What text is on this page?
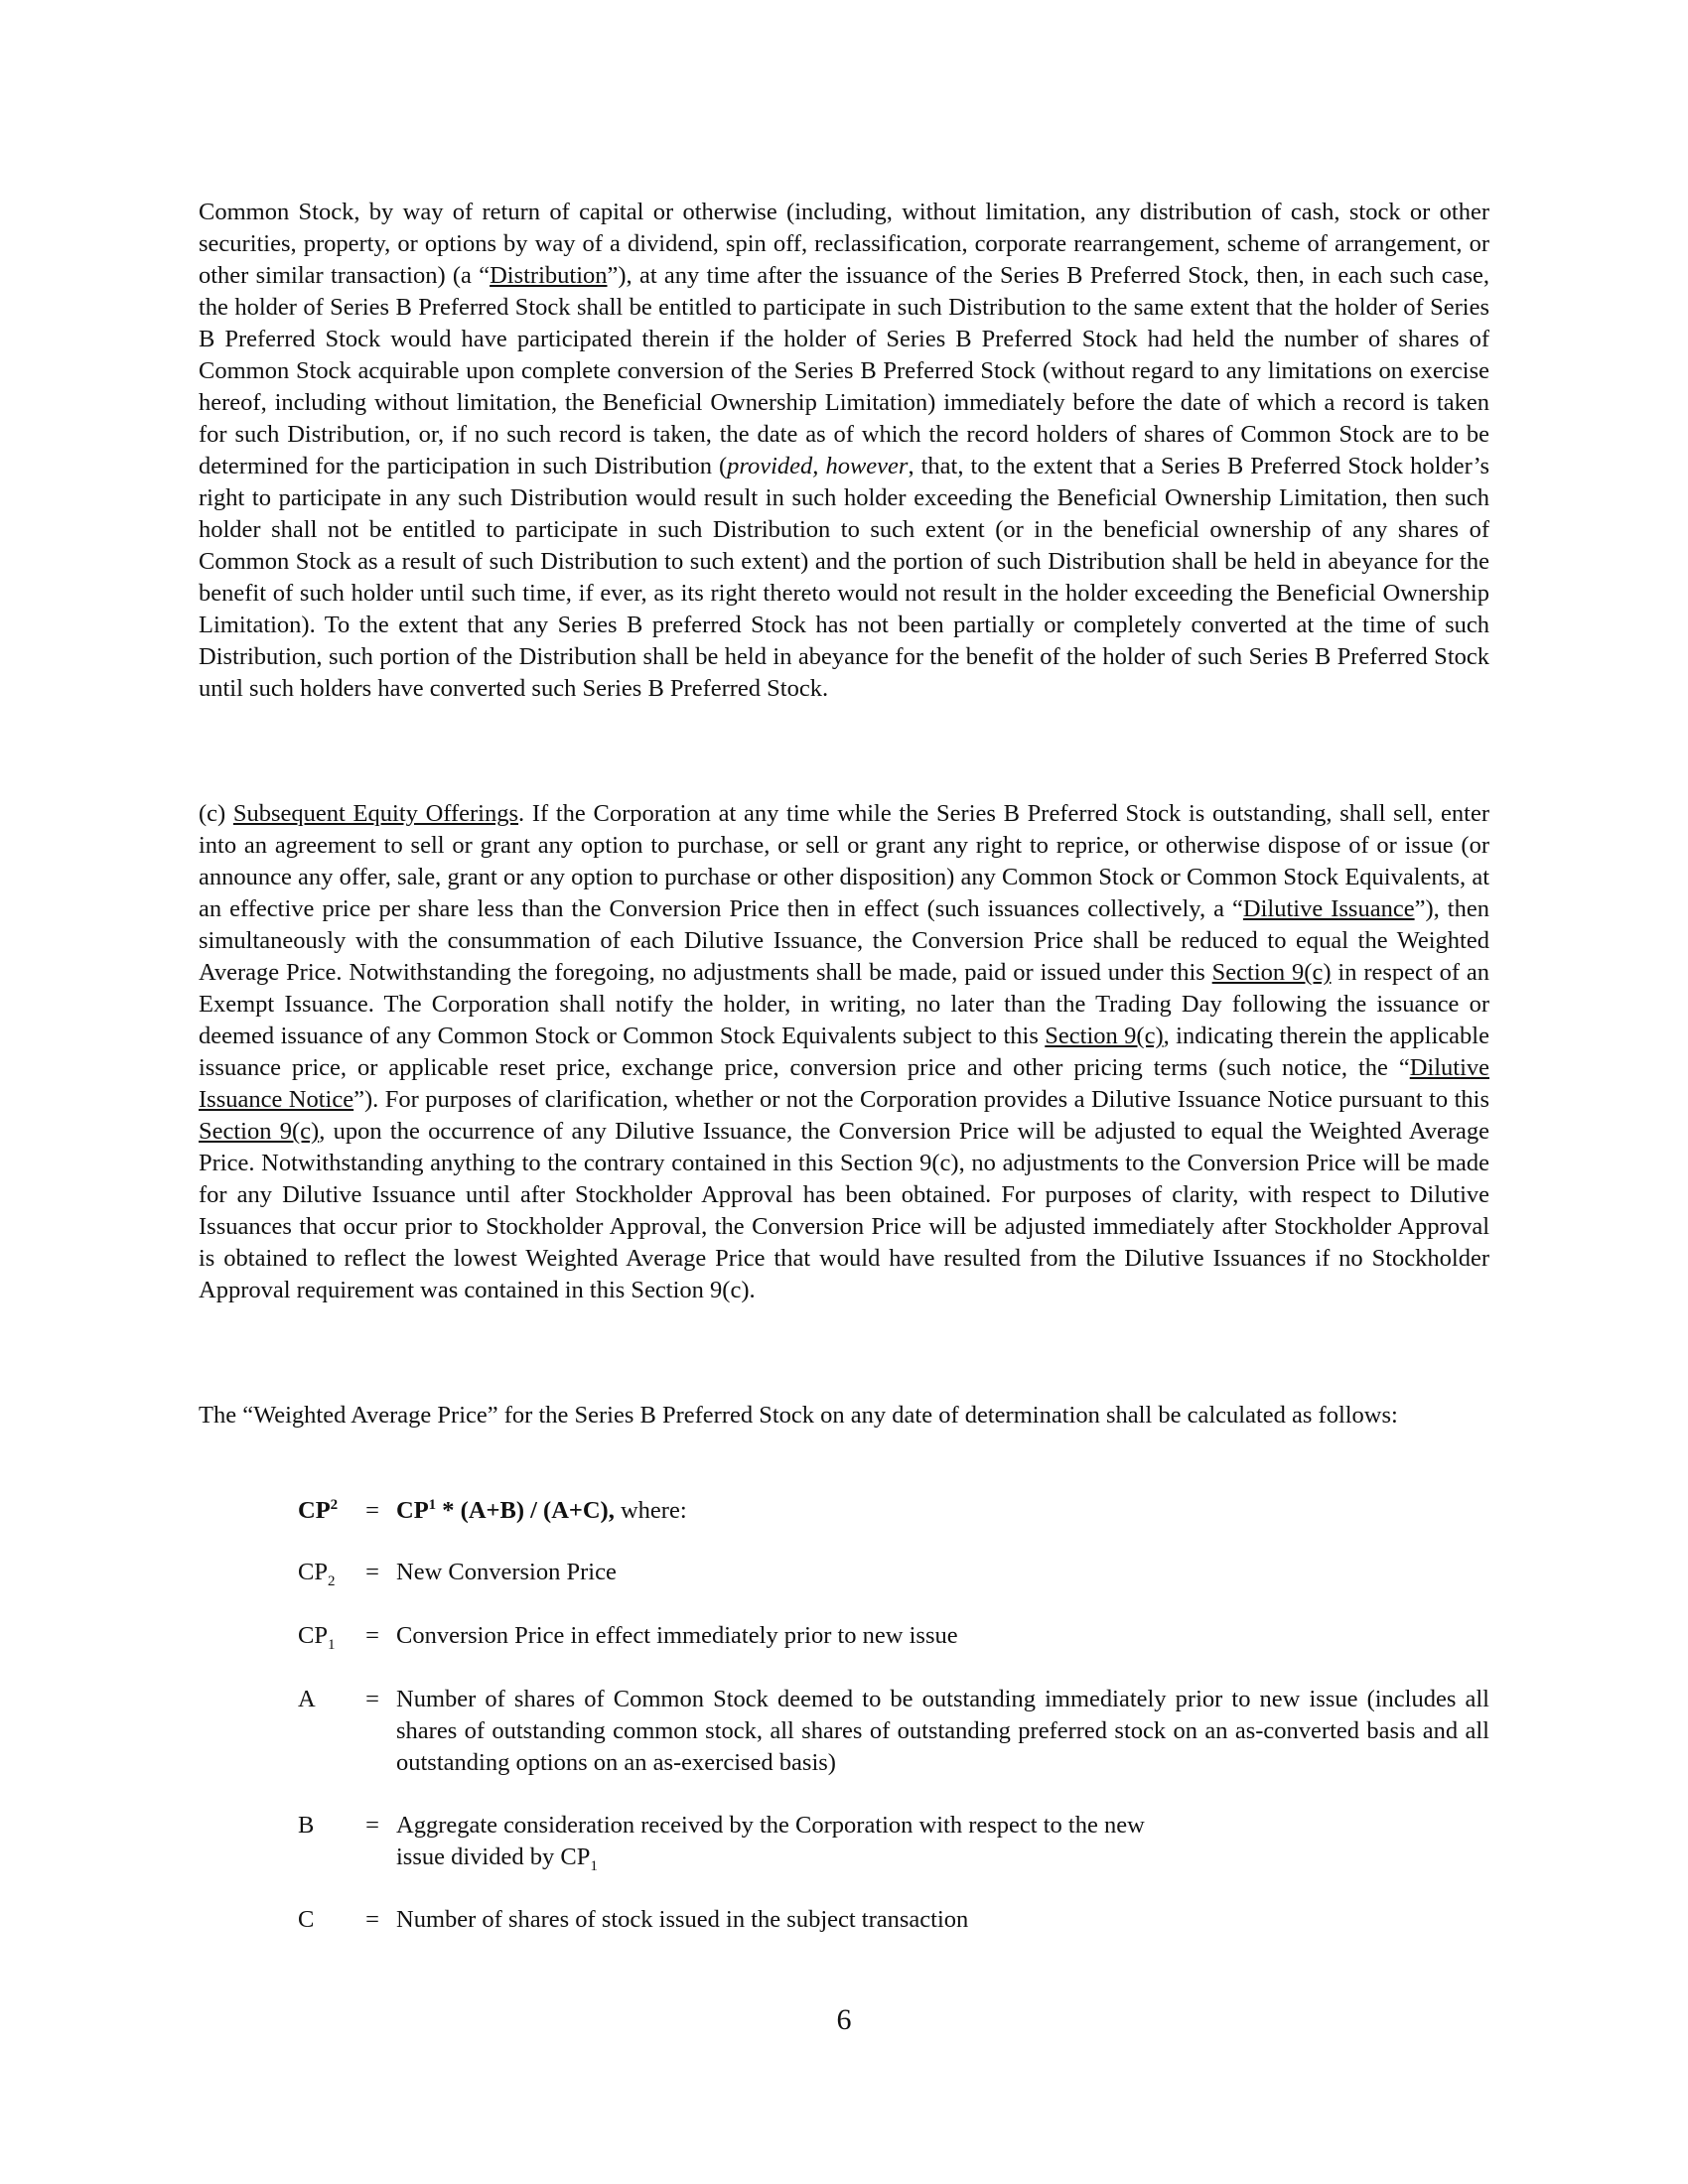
Common Stock, by way of return of capital or otherwise (including, without limitation, any distribution of cash, stock or other securities, property, or options by way of a dividend, spin off, reclassification, corporate rearrangement, scheme of arrangement, or other similar transaction) (a “Distribution”), at any time after the issuance of the Series B Preferred Stock, then, in each such case, the holder of Series B Preferred Stock shall be entitled to participate in such Distribution to the same extent that the holder of Series B Preferred Stock would have participated therein if the holder of Series B Preferred Stock had held the number of shares of Common Stock acquirable upon complete conversion of the Series B Preferred Stock (without regard to any limitations on exercise hereof, including without limitation, the Beneficial Ownership Limitation) immediately before the date of which a record is taken for such Distribution, or, if no such record is taken, the date as of which the record holders of shares of Common Stock are to be determined for the participation in such Distribution (provided, however, that, to the extent that a Series B Preferred Stock holder’s right to participate in any such Distribution would result in such holder exceeding the Beneficial Ownership Limitation, then such holder shall not be entitled to participate in such Distribution to such extent (or in the beneficial ownership of any shares of Common Stock as a result of such Distribution to such extent) and the portion of such Distribution shall be held in abeyance for the benefit of such holder until such time, if ever, as its right thereto would not result in the holder exceeding the Beneficial Ownership Limitation). To the extent that any Series B preferred Stock has not been partially or completely converted at the time of such Distribution, such portion of the Distribution shall be held in abeyance for the benefit of the holder of such Series B Preferred Stock until such holders have converted such Series B Preferred Stock.

(c) Subsequent Equity Offerings. If the Corporation at any time while the Series B Preferred Stock is outstanding, shall sell, enter into an agreement to sell or grant any option to purchase, or sell or grant any right to reprice, or otherwise dispose of or issue (or announce any offer, sale, grant or any option to purchase or other disposition) any Common Stock or Common Stock Equivalents, at an effective price per share less than the Conversion Price then in effect (such issuances collectively, a “Dilutive Issuance”), then simultaneously with the consummation of each Dilutive Issuance, the Conversion Price shall be reduced to equal the Weighted Average Price. Notwithstanding the foregoing, no adjustments shall be made, paid or issued under this Section 9(c) in respect of an Exempt Issuance. The Corporation shall notify the holder, in writing, no later than the Trading Day following the issuance or deemed issuance of any Common Stock or Common Stock Equivalents subject to this Section 9(c), indicating therein the applicable issuance price, or applicable reset price, exchange price, conversion price and other pricing terms (such notice, the “Dilutive Issuance Notice”). For purposes of clarification, whether or not the Corporation provides a Dilutive Issuance Notice pursuant to this Section 9(c), upon the occurrence of any Dilutive Issuance, the Conversion Price will be adjusted to equal the Weighted Average Price. Notwithstanding anything to the contrary contained in this Section 9(c), no adjustments to the Conversion Price will be made for any Dilutive Issuance until after Stockholder Approval has been obtained. For purposes of clarity, with respect to Dilutive Issuances that occur prior to Stockholder Approval, the Conversion Price will be adjusted immediately after Stockholder Approval is obtained to reflect the lowest Weighted Average Price that would have resulted from the Dilutive Issuances if no Stockholder Approval requirement was contained in this Section 9(c).

The “Weighted Average Price” for the Series B Preferred Stock on any date of determination shall be calculated as follows:

$CP^2$	= $CP^1 * (A+B) / (A+C)$, where:
$CP_2$	= New Conversion Price
$CP_1$	= Conversion Price in effect immediately prior to new issue
A	= Number of shares of Common Stock deemed to be outstanding immediately prior to new issue (includes all shares of outstanding common stock, all shares of outstanding preferred stock on an as-converted basis and all outstanding options on an as-exercised basis)
B	= Aggregate consideration received by the Corporation with respect to the new
issue divided by $CP_1$
C	= Number of shares of stock issued in the subject transaction
6
